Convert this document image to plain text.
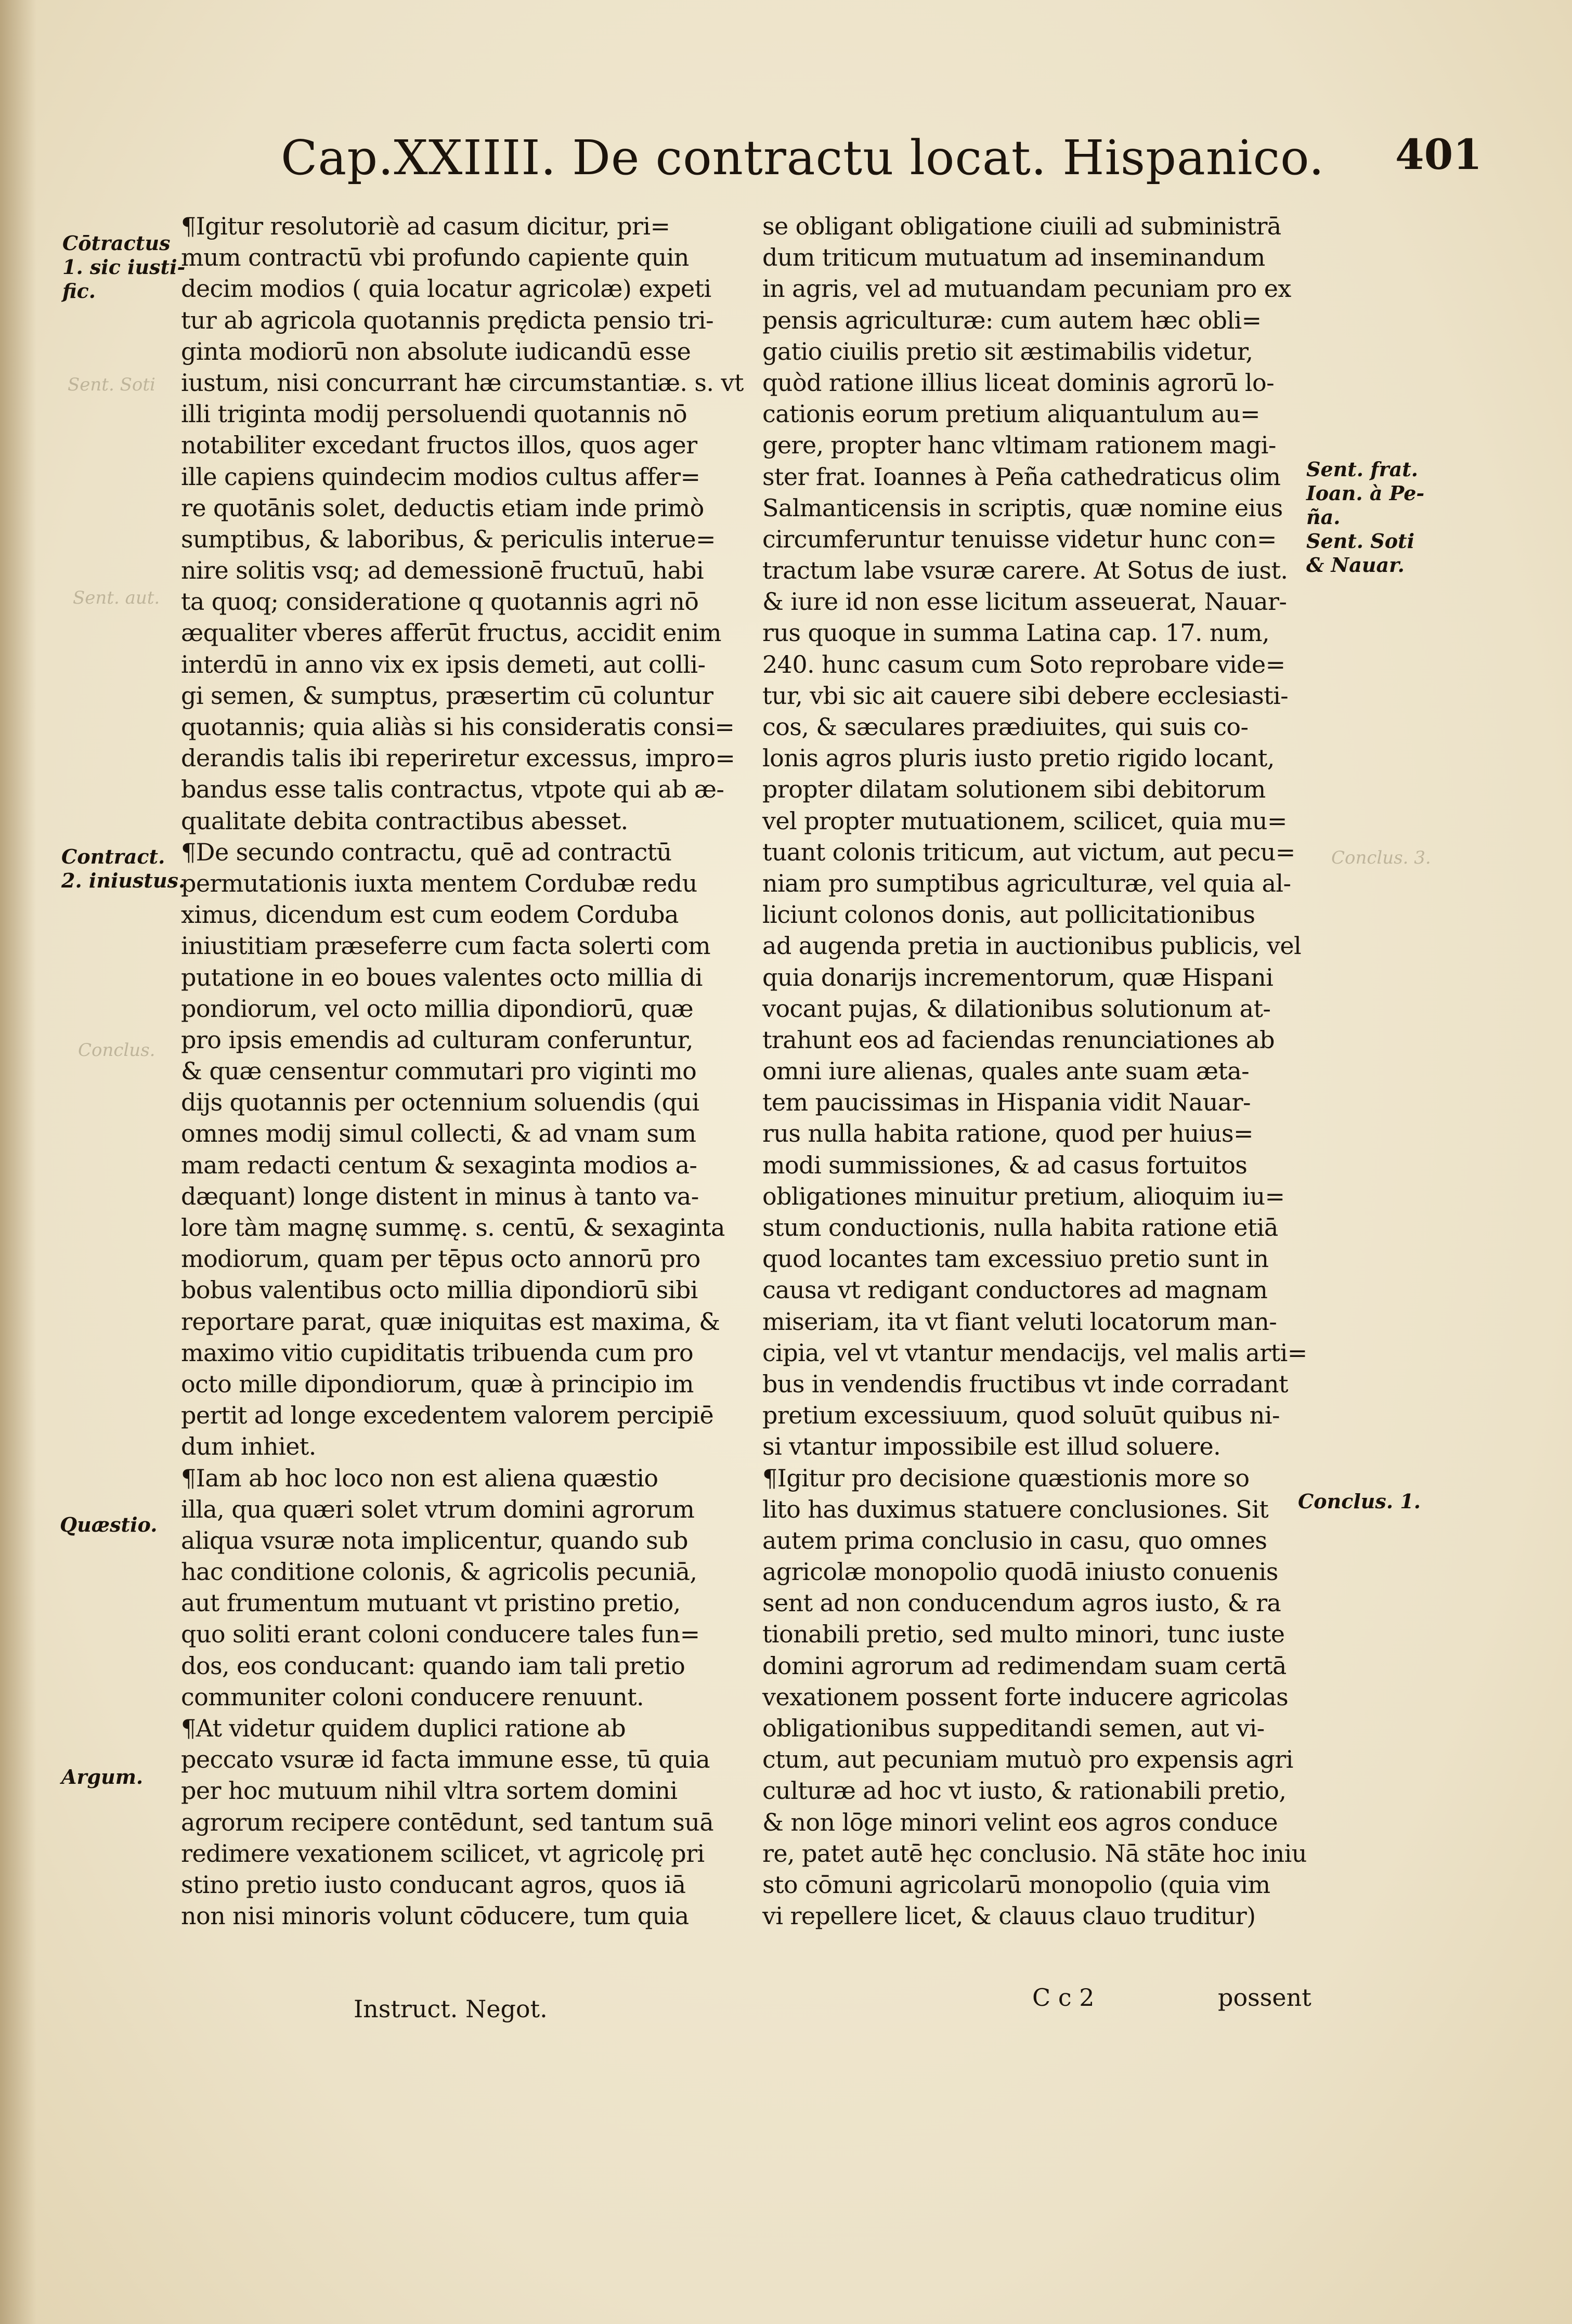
Sent. Soti
Sent. aut.
Conclus. 3.
Conclus.
Cap.XXIIII. De contractu locat. Hispanico. 401
¶Igitur resolutoriè ad casum dicitur, pri=
mum contractū vbi profundo capiente quin
decim modios ( quia locatur agricolæ) expeti
tur ab agricola quotannis prędicta pensio tri-
ginta modiorū non absolute iudicandū esse
iustum, nisi concurrant hæ circumstantiæ. s. vt
illi triginta modij persoluendi quotannis nō
notabiliter excedant fructos illos, quos ager
ille capiens quindecim modios cultus affer=
re quotānis solet, deductis etiam inde primò
sumptibus, & laboribus, & periculis interue=
nire solitis vsq; ad demessionē fructuū, habi
ta quoq; consideratione q quotannis agri nō
æqualiter vberes afferūt fructus, accidit enim
interdū in anno vix ex ipsis demeti, aut colli-
gi semen, & sumptus, præsertim cū coluntur
quotannis; quia aliàs si his consideratis consi=
derandis talis ibi reperiretur excessus, impro=
bandus esse talis contractus, vtpote qui ab æ-
qualitate debita contractibus abesset.
¶De secundo contractu, quē ad contractū
permutationis iuxta mentem Cordubæ redu
ximus, dicendum est cum eodem Corduba
iniustitiam præseferre cum facta solerti com
putatione in eo boues valentes octo millia di
pondiorum, vel octo millia dipondiorū, quæ
pro ipsis emendis ad culturam conferuntur,
& quæ censentur commutari pro viginti mo
dijs quotannis per octennium soluendis (qui
omnes modij simul collecti, & ad vnam sum
mam redacti centum & sexaginta modios a-
dæquant) longe distent in minus à tanto va-
lore tàm magnę summę. s. centū, & sexaginta
modiorum, quam per tēpus octo annorū pro
bobus valentibus octo millia dipondiorū sibi
reportare parat, quæ iniquitas est maxima, &
maximo vitio cupiditatis tribuenda cum pro
octo mille dipondiorum, quæ à principio im
pertit ad longe excedentem valorem percipiē
dum inhiet.
¶Iam ab hoc loco non est aliena quæstio
illa, qua quæri solet vtrum domini agrorum
aliqua vsuræ nota implicentur, quando sub
hac conditione colonis, & agricolis pecuniā,
aut frumentum mutuant vt pristino pretio,
quo soliti erant coloni conducere tales fun=
dos, eos conducant: quando iam tali pretio
communiter coloni conducere renuunt.
¶At videtur quidem duplici ratione ab
peccato vsuræ id facta immune esse, tū quia
per hoc mutuum nihil vltra sortem domini
agrorum recipere contēdunt, sed tantum suā
redimere vexationem scilicet, vt agricolę pri
stino pretio iusto conducant agros, quos iā
non nisi minoris volunt cōducere, tum quia
se obligant obligatione ciuili ad subministrā
dum triticum mutuatum ad inseminandum
in agris, vel ad mutuandam pecuniam pro ex
pensis agriculturæ: cum autem hæc obli=
gatio ciuilis pretio sit æstimabilis videtur,
quòd ratione illius liceat dominis agrorū lo-
cationis eorum pretium aliquantulum au=
gere, propter hanc vltimam rationem magi-
ster frat. Ioannes à Peña cathedraticus olim
Salmanticensis in scriptis, quæ nomine eius
circumferuntur tenuisse videtur hunc con=
tractum labe vsuræ carere. At Sotus de iust.
& iure id non esse licitum asseuerat, Nauar-
rus quoque in summa Latina cap. 17. num,
240. hunc casum cum Soto reprobare vide=
tur, vbi sic ait cauere sibi debere ecclesiasti-
cos, & sæculares prædiuites, qui suis co-
lonis agros pluris iusto pretio rigido locant,
propter dilatam solutionem sibi debitorum
vel propter mutuationem, scilicet, quia mu=
tuant colonis triticum, aut victum, aut pecu=
niam pro sumptibus agriculturæ, vel quia al-
liciunt colonos donis, aut pollicitationibus
ad augenda pretia in auctionibus publicis, vel
quia donarijs incrementorum, quæ Hispani
vocant pujas, & dilationibus solutionum at-
trahunt eos ad faciendas renunciationes ab
omni iure alienas, quales ante suam æta-
tem paucissimas in Hispania vidit Nauar-
rus nulla habita ratione, quod per huius=
modi summissiones, & ad casus fortuitos
obligationes minuitur pretium, alioquim iu=
stum conductionis, nulla habita ratione etiā
quod locantes tam excessiuo pretio sunt in
causa vt redigant conductores ad magnam
miseriam, ita vt fiant veluti locatorum man-
cipia, vel vt vtantur mendacijs, vel malis arti=
bus in vendendis fructibus vt inde corradant
pretium excessiuum, quod soluūt quibus ni-
si vtantur impossibile est illud soluere.
¶Igitur pro decisione quæstionis more so
lito has duximus statuere conclusiones. Sit
autem prima conclusio in casu, quo omnes
agricolæ monopolio quodā iniusto conuenis
sent ad non conducendum agros iusto, & ra
tionabili pretio, sed multo minori, tunc iuste
domini agrorum ad redimendam suam certā
vexationem possent forte inducere agricolas
obligationibus suppeditandi semen, aut vi-
ctum, aut pecuniam mutuò pro expensis agri
culturæ ad hoc vt iusto, & rationabili pretio,
& non lōge minori velint eos agros conduce
re, patet autē hęc conclusio. Nā stāte hoc iniu
sto cōmuni agricolarū monopolio (quia vim
vi repellere licet, & clauus clauo truditur)
Cōtractus
1. sic iusti-
fic.
Contract.
2. iniustus.
Quæstio.
Argum.
Sent. frat.
Ioan. à Pe-
ña.
Sent. Soti
& Nauar.
Conclus. 1.
Instruct. Negot.	C c 2	possent
